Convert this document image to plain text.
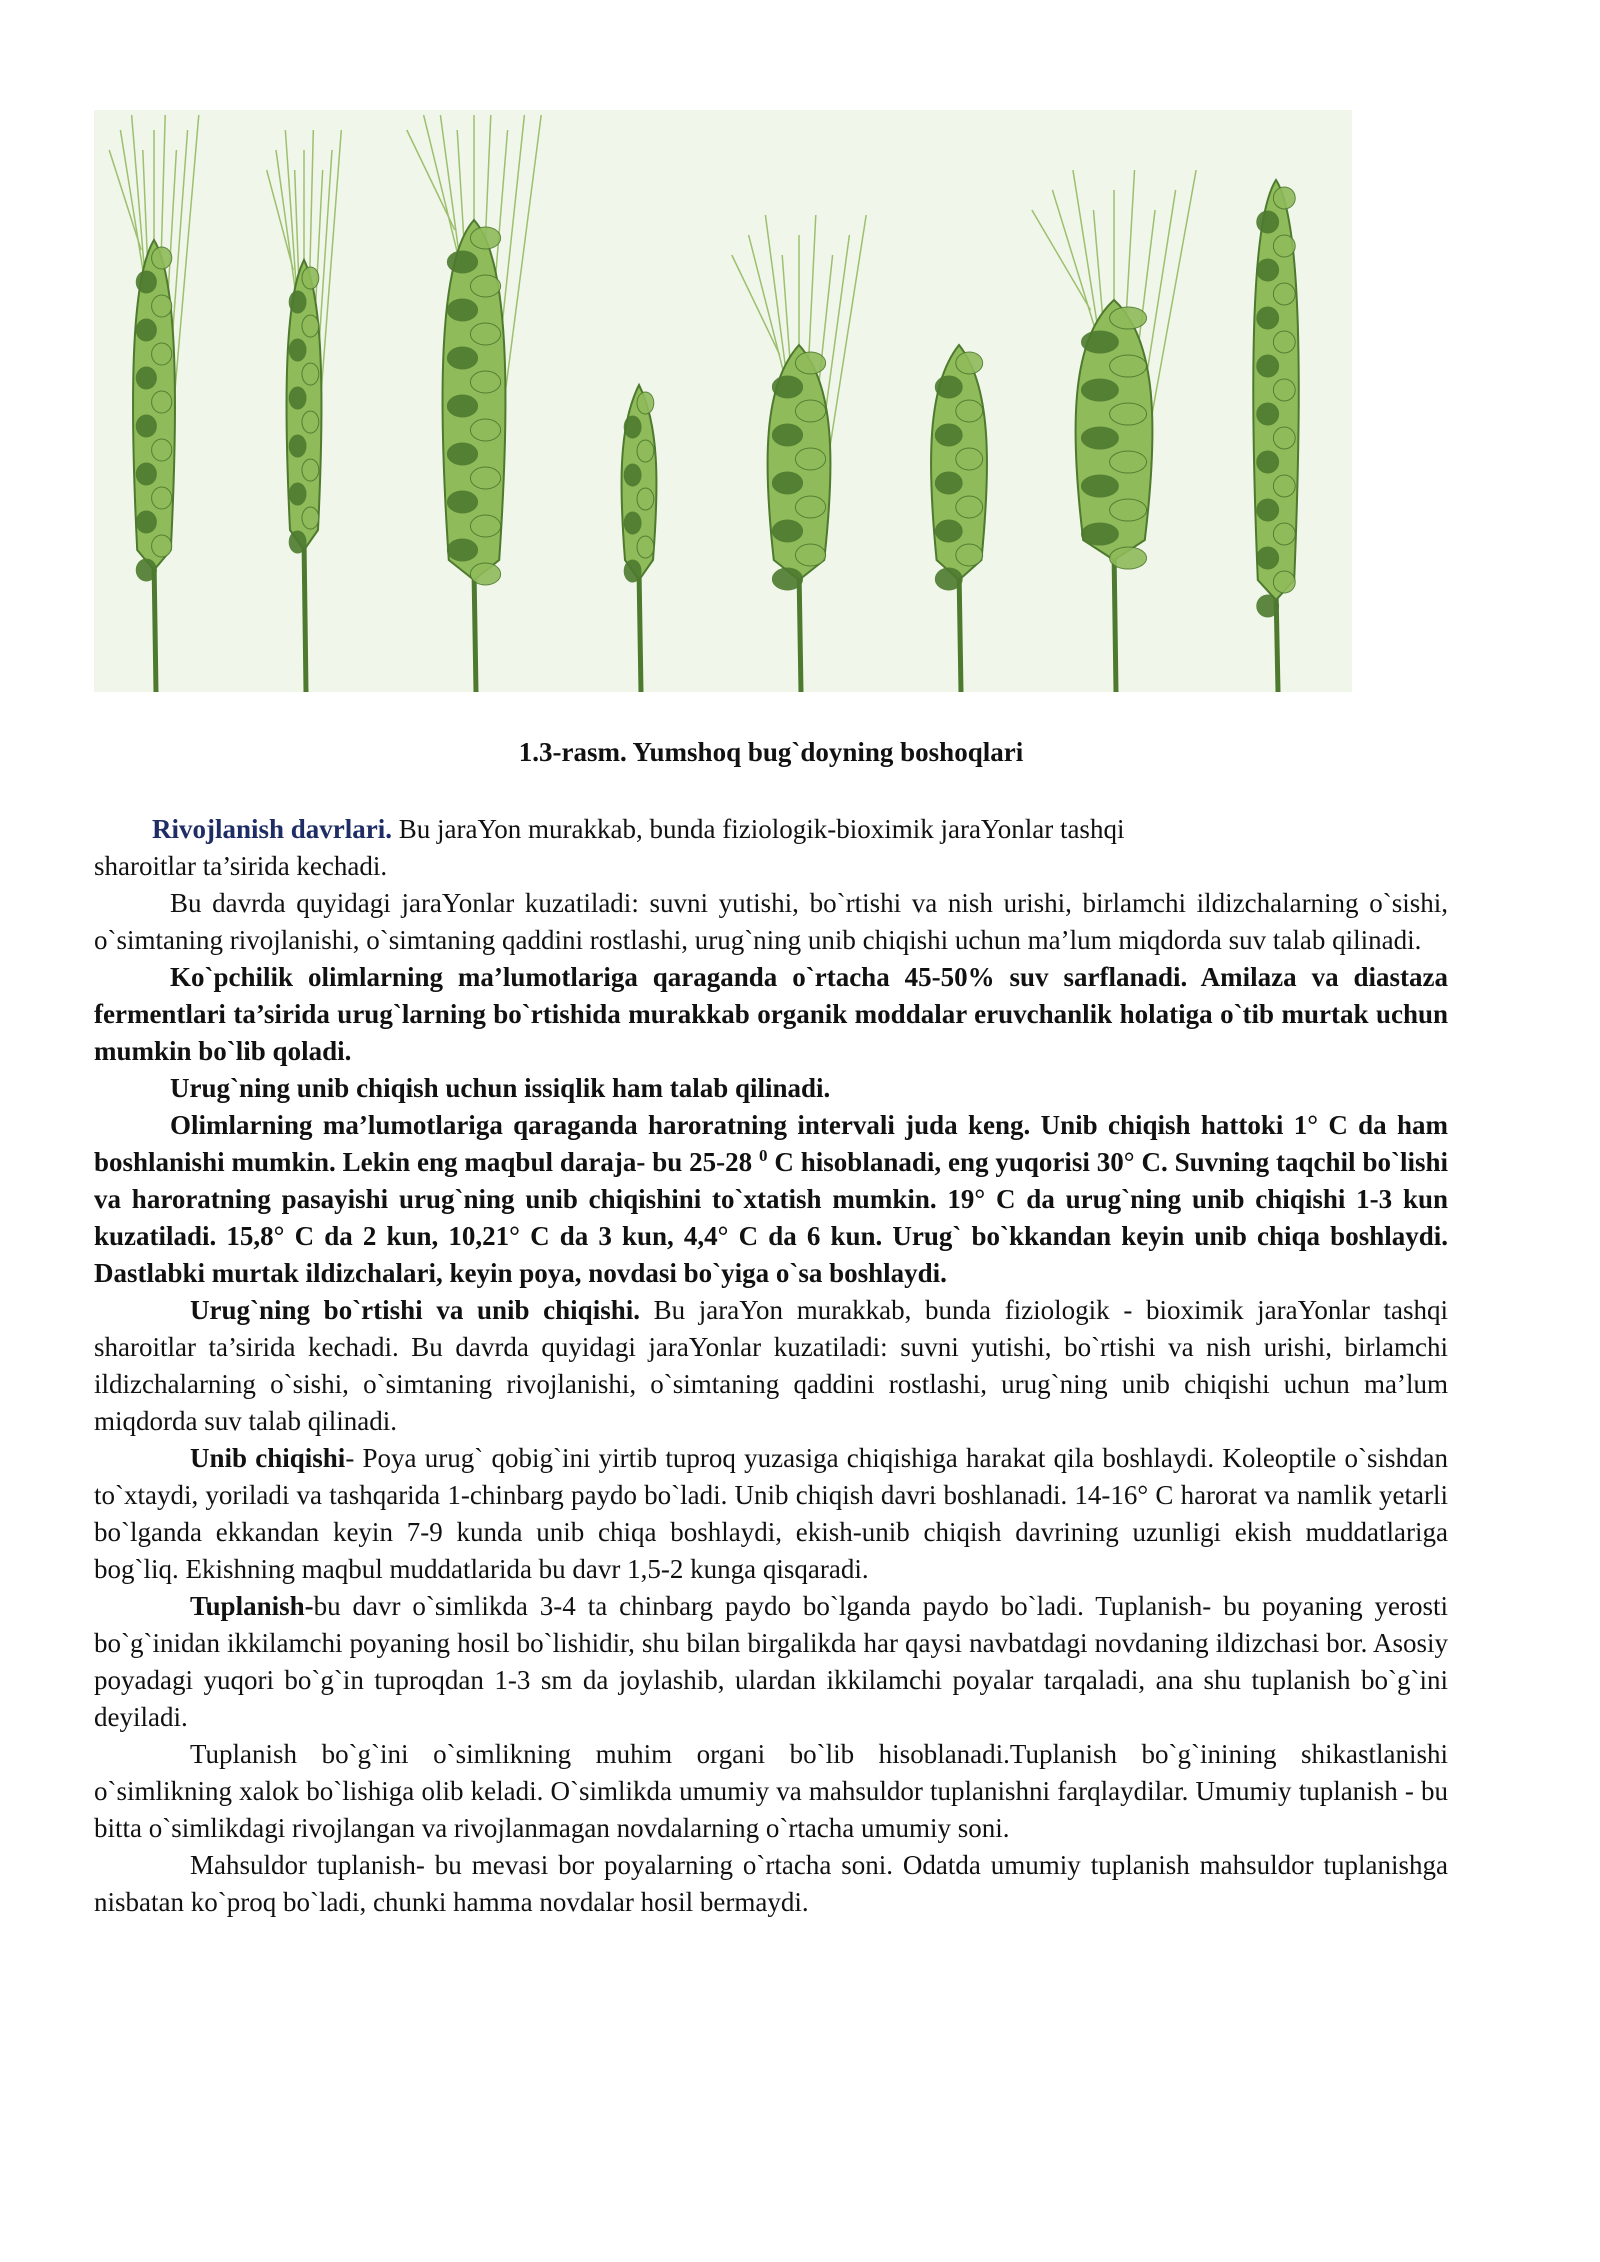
1.3-rasm. Yumshoq bug`doyning boshoqlari

Rivojlanish davrlari. Bu jaraYon murakkab, bunda fiziologik-bioximik jaraYonlar tashqi
sharoitlar ta’sirida kechadi.

Bu davrda quyidagi jaraYonlar kuzatiladi: suvni yutishi, bo`rtishi va nish urishi, birlamchi ildizchalarning o`sishi, o`simtaning rivojlanishi, o`simtaning qaddini rostlashi, urug`ning unib chiqishi uchun ma’lum miqdorda suv talab qilinadi.

Ko`pchilik olimlarning ma’lumotlariga qaraganda o`rtacha 45-50% suv sarflanadi. Amilaza va diastaza fermentlari ta’sirida urug`larning bo`rtishida murakkab organik moddalar eruvchanlik holatiga o`tib murtak uchun mumkin bo`lib qoladi.

Urug`ning unib chiqish uchun issiqlik ham talab qilinadi.

Olimlarning ma’lumotlariga qaraganda haroratning intervali juda keng. Unib chiqish hattoki 1° C da ham boshlanishi mumkin. Lekin eng maqbul daraja- bu 25-28 $^0$ C hisoblanadi, eng yuqorisi 30° C. Suvning taqchil bo`lishi va haroratning pasayishi urug`ning unib chiqishini to`xtatish mumkin. 19° C da urug`ning unib chiqishi 1-3 kun kuzatiladi. 15,8° C da 2 kun, 10,21° C da 3 kun, 4,4° C da 6 kun. Urug` bo`kkandan keyin unib chiqa boshlaydi. Dastlabki murtak ildizchalari, keyin poya, novdasi bo`yiga o`sa boshlaydi.

Urug`ning bo`rtishi va unib chiqishi. Bu jaraYon murakkab, bunda fiziologik - bioximik jaraYonlar tashqi sharoitlar ta’sirida kechadi. Bu davrda quyidagi jaraYonlar kuzatiladi: suvni yutishi, bo`rtishi va nish urishi, birlamchi ildizchalarning o`sishi, o`simtaning rivojlanishi, o`simtaning qaddini rostlashi, urug`ning unib chiqishi uchun ma’lum miqdorda suv talab qilinadi.

Unib chiqishi- Poya urug` qobig`ini yirtib tuproq yuzasiga chiqishiga harakat qila boshlaydi. Koleoptile o`sishdan to`xtaydi, yoriladi va tashqarida 1-chinbarg paydo bo`ladi. Unib chiqish davri boshlanadi. 14-16° C harorat va namlik yetarli bo`lganda ekkandan keyin 7-9 kunda unib chiqa boshlaydi, ekish-unib chiqish davrining uzunligi ekish muddatlariga bog`liq. Ekishning maqbul muddatlarida bu davr 1,5-2 kunga qisqaradi.

Tuplanish-bu davr o`simlikda 3-4 ta chinbarg paydo bo`lganda paydo bo`ladi. Tuplanish- bu poyaning yerosti bo`g`inidan ikkilamchi poyaning hosil bo`lishidir, shu bilan birgalikda har qaysi navbatdagi novdaning ildizchasi bor. Asosiy poyadagi yuqori bo`g`in tuproqdan 1-3 sm da joylashib, ulardan ikkilamchi poyalar tarqaladi, ana shu tuplanish bo`g`ini deyiladi.

Tuplanish bo`g`ini o`simlikning muhim organi bo`lib hisoblanadi.Tuplanish bo`g`inining shikastlanishi o`simlikning xalok bo`lishiga olib keladi. O`simlikda umumiy va mahsuldor tuplanishni farqlaydilar. Umumiy tuplanish - bu bitta o`simlikdagi rivojlangan va rivojlanmagan novdalarning o`rtacha umumiy soni.

Mahsuldor tuplanish- bu mevasi bor poyalarning o`rtacha soni. Odatda umumiy tuplanish mahsuldor tuplanishga nisbatan ko`proq bo`ladi, chunki hamma novdalar hosil bermaydi.
